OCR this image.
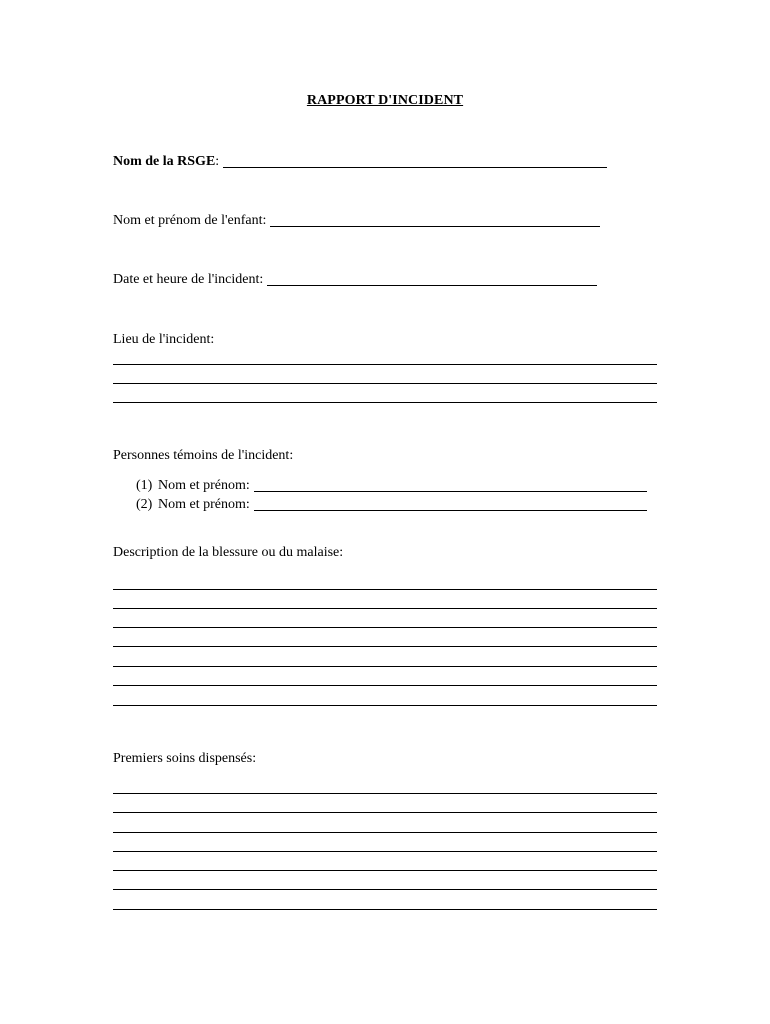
RAPPORT D'INCIDENT
Nom de la RSGE:
Nom et prénom de l'enfant:
Date et heure de l'incident:
Lieu de l'incident:
Personnes témoins de l'incident:
(1) Nom et prénom:
(2) Nom et prénom:
Description de la blessure ou du malaise:
Premiers soins dispensés:
